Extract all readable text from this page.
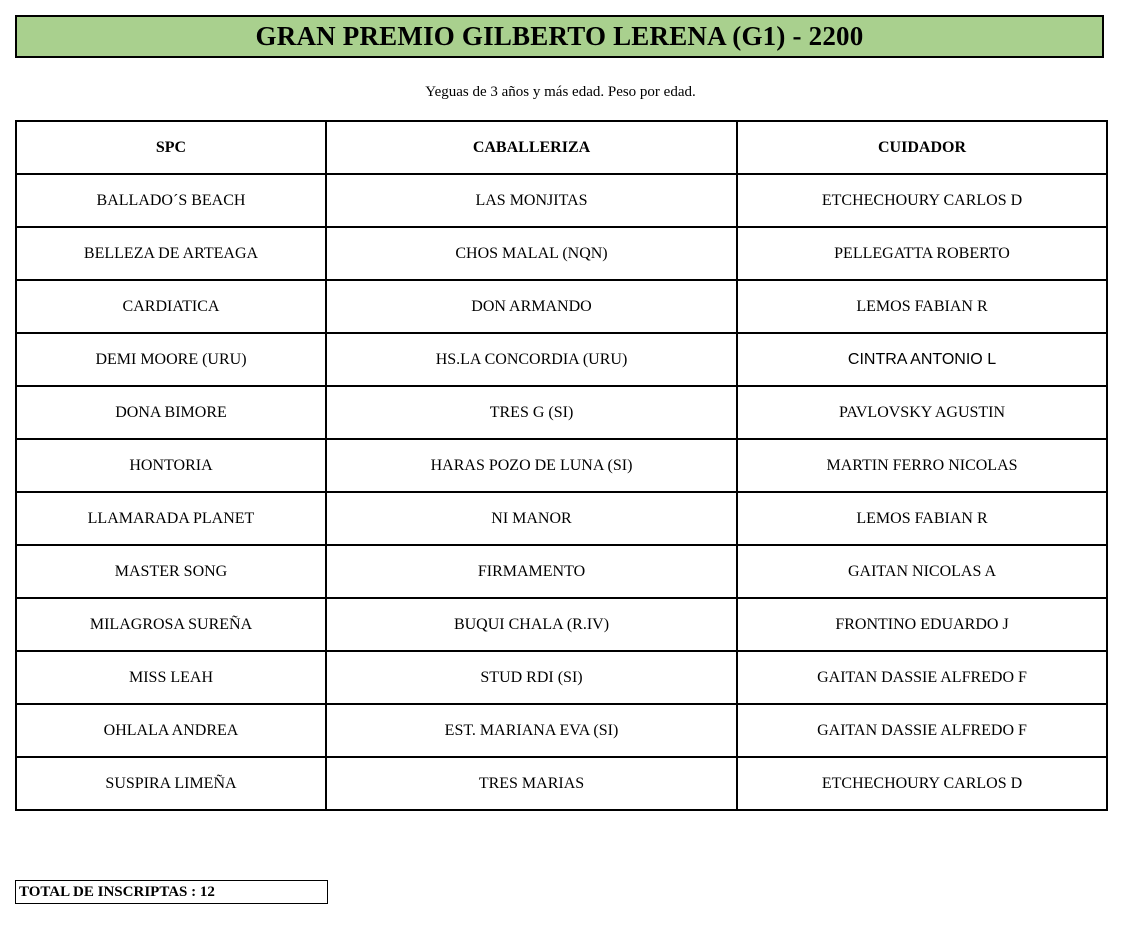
GRAN PREMIO GILBERTO LERENA (G1) - 2200
Yeguas de 3 años y más edad. Peso por edad.
SPC	CABALLERIZA	CUIDADOR
BALLADO´S BEACH	LAS MONJITAS	ETCHECHOURY CARLOS D
BELLEZA DE ARTEAGA	CHOS MALAL (NQN)	PELLEGATTA ROBERTO
CARDIATICA	DON ARMANDO	LEMOS FABIAN R
DEMI MOORE (URU)	HS.LA CONCORDIA (URU)	CINTRA ANTONIO L
DONA BIMORE	TRES G (SI)	PAVLOVSKY AGUSTIN
HONTORIA	HARAS POZO DE LUNA (SI)	MARTIN FERRO NICOLAS
LLAMARADA PLANET	NI MANOR	LEMOS FABIAN R
MASTER SONG	FIRMAMENTO	GAITAN NICOLAS A
MILAGROSA SUREÑA	BUQUI CHALA (R.IV)	FRONTINO EDUARDO J
MISS LEAH	STUD RDI (SI)	GAITAN DASSIE ALFREDO F
OHLALA ANDREA	EST. MARIANA EVA (SI)	GAITAN DASSIE ALFREDO F
SUSPIRA LIMEÑA	TRES MARIAS	ETCHECHOURY CARLOS D
TOTAL DE INSCRIPTAS : 12
